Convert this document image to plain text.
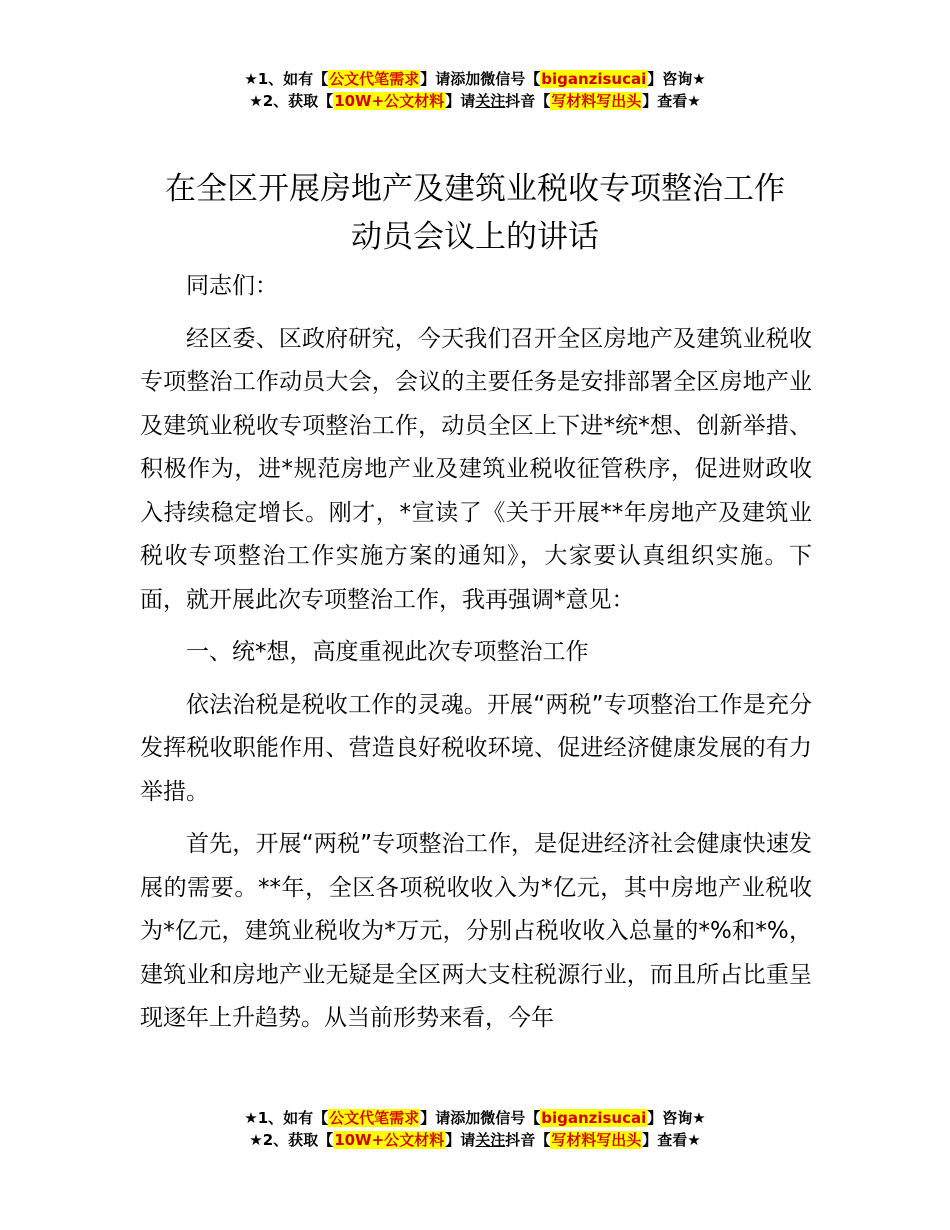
★1、如有【公文代笔需求】请添加微信号【biganzisucai】咨询★
★2、获取【10W+公文材料】请关注抖音【写材料写出头】查看★
在全区开展房地产及建筑业税收专项整治工作
动员会议上的讲话

同志们：

经区委、区政府研究，今天我们召开全区房地产及建筑业税收专项整治工作动员大会，会议的主要任务是安排部署全区房地产业及建筑业税收专项整治工作，动员全区上下进*统*想、创新举措、积极作为，进*规范房地产业及建筑业税收征管秩序，促进财政收入持续稳定增长。刚才，*宣读了《关于开展**年房地产及建筑业税收专项整治工作实施方案的通知》，大家要认真组织实施。下面，就开展此次专项整治工作，我再强调*意见：

一、统*想，高度重视此次专项整治工作

依法治税是税收工作的灵魂。开展“两税”专项整治工作是充分发挥税收职能作用、营造良好税收环境、促进经济健康发展的有力举措。

首先，开展“两税”专项整治工作，是促进经济社会健康快速发展的需要。**年，全区各项税收收入为*亿元，其中房地产业税收为*亿元，建筑业税收为*万元，分别占税收收入总量的*%和*%，建筑业和房地产业无疑是全区两大支柱税源行业，而且所占比重呈现逐年上升趋势。从当前形势来看，今年

★1、如有【公文代笔需求】请添加微信号【biganzisucai】咨询★
★2、获取【10W+公文材料】请关注抖音【写材料写出头】查看★
